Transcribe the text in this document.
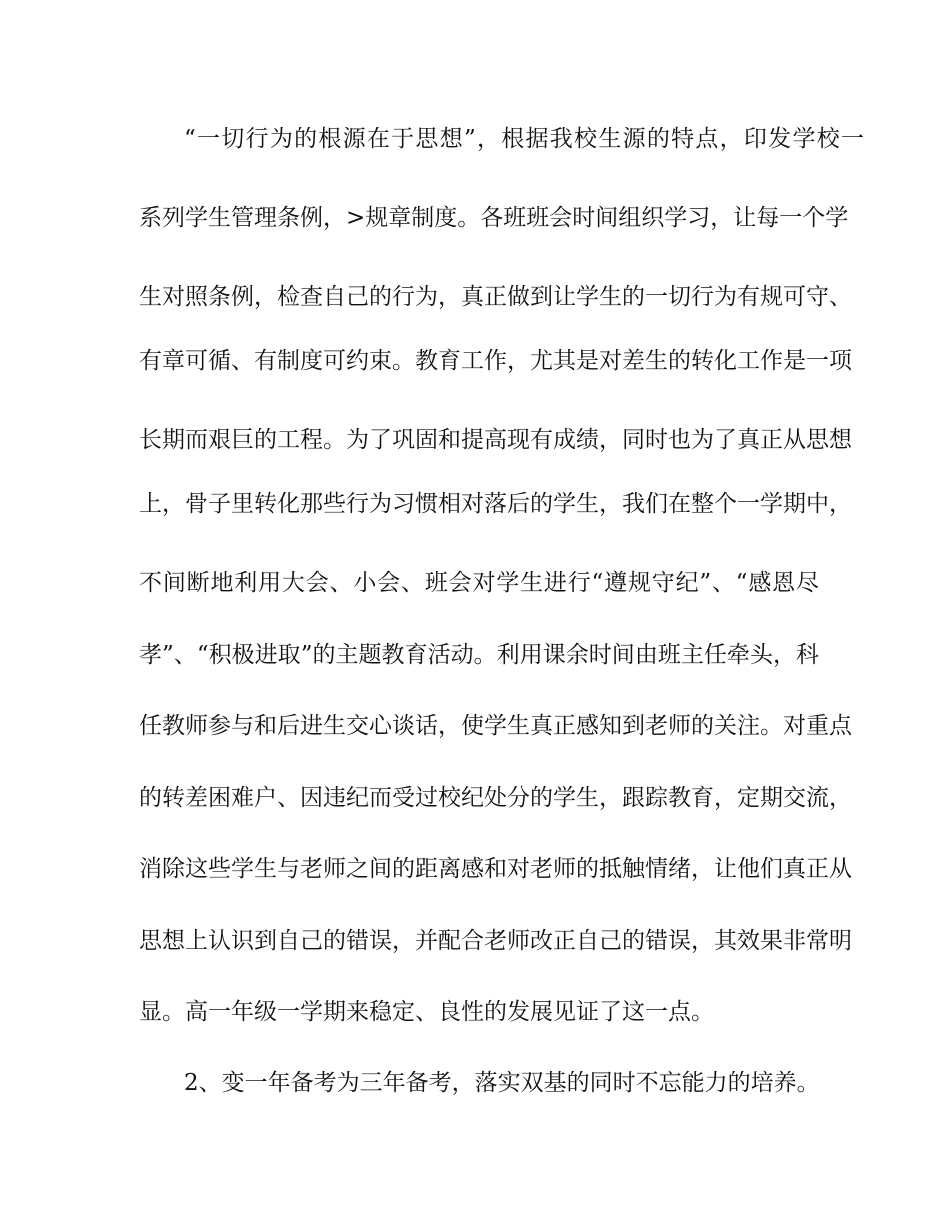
“一切行为的根源在于思想”，根据我校生源的特点，印发学校一
系列学生管理条例，>规章制度。各班班会时间组织学习，让每一个学
生对照条例，检查自己的行为，真正做到让学生的一切行为有规可守、
有章可循、有制度可约束。教育工作，尤其是对差生的转化工作是一项
长期而艰巨的工程。为了巩固和提高现有成绩，同时也为了真正从思想
上，骨子里转化那些行为习惯相对落后的学生，我们在整个一学期中，
不间断地利用大会、小会、班会对学生进行“遵规守纪”、“感恩尽
孝”、“积极进取”的主题教育活动。利用课余时间由班主任牵头，科
任教师参与和后进生交心谈话，使学生真正感知到老师的关注。对重点
的转差困难户、因违纪而受过校纪处分的学生，跟踪教育，定期交流，
消除这些学生与老师之间的距离感和对老师的抵触情绪，让他们真正从
思想上认识到自己的错误，并配合老师改正自己的错误，其效果非常明
显。高一年级一学期来稳定、良性的发展见证了这一点。
2、变一年备考为三年备考，落实双基的同时不忘能力的培养。
